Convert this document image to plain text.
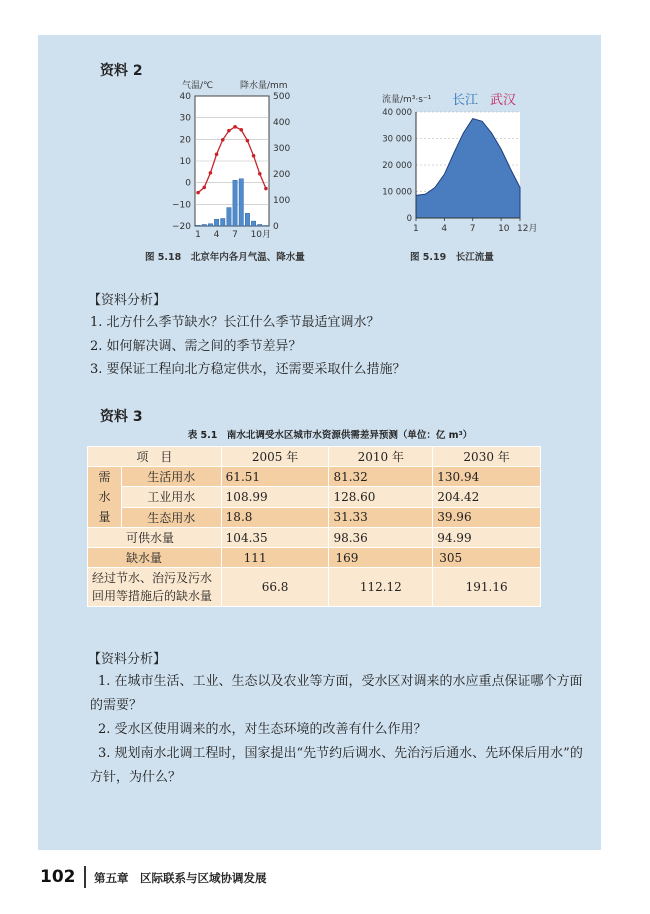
资料 2
40
30
20
10
0
−10
−20
500
400
300
200
100
0
1 4 7 10月
气温/℃	降水量/mm
图 5.18　北京年内各月气温、降水量
40 000
30 000
20 000
10 000
0
1	4	7	10 12月
流量/m³·s⁻¹ 长江 武汉
图 5.19　长江流量
【资料分析】
1. 北方什么季节缺水？长江什么季节最适宜调水？
2. 如何解决调、需之间的季节差异？
3. 要保证工程向北方稳定供水，还需要采取什么措施？
资料 3
表 5.1　南水北调受水区城市水资源供需差异预测（单位：亿 m³）
项　目		2005 年	2010 年	2030 年

需
水
量	生活用水	61.51	81.32	130.94
	工业用水	108.99	128.60	204.42
	生态用水	18.8	31.33	39.96
可供水量		104.35	98.36	94.99
缺水量		111	169	305

经过节水、治污及污水
回用等措施后的缺水量		66.8	112.12	191.16
【资料分析】
1. 在城市生活、工业、生态以及农业等方面，受水区对调来的水应重点保证哪个方面的需要？
2. 受水区使用调来的水，对生态环境的改善有什么作用？
3. 规划南水北调工程时，国家提出“先节约后调水、先治污后通水、先环保后用水”的方针，为什么？
102 第五章　区际联系与区域协调发展
